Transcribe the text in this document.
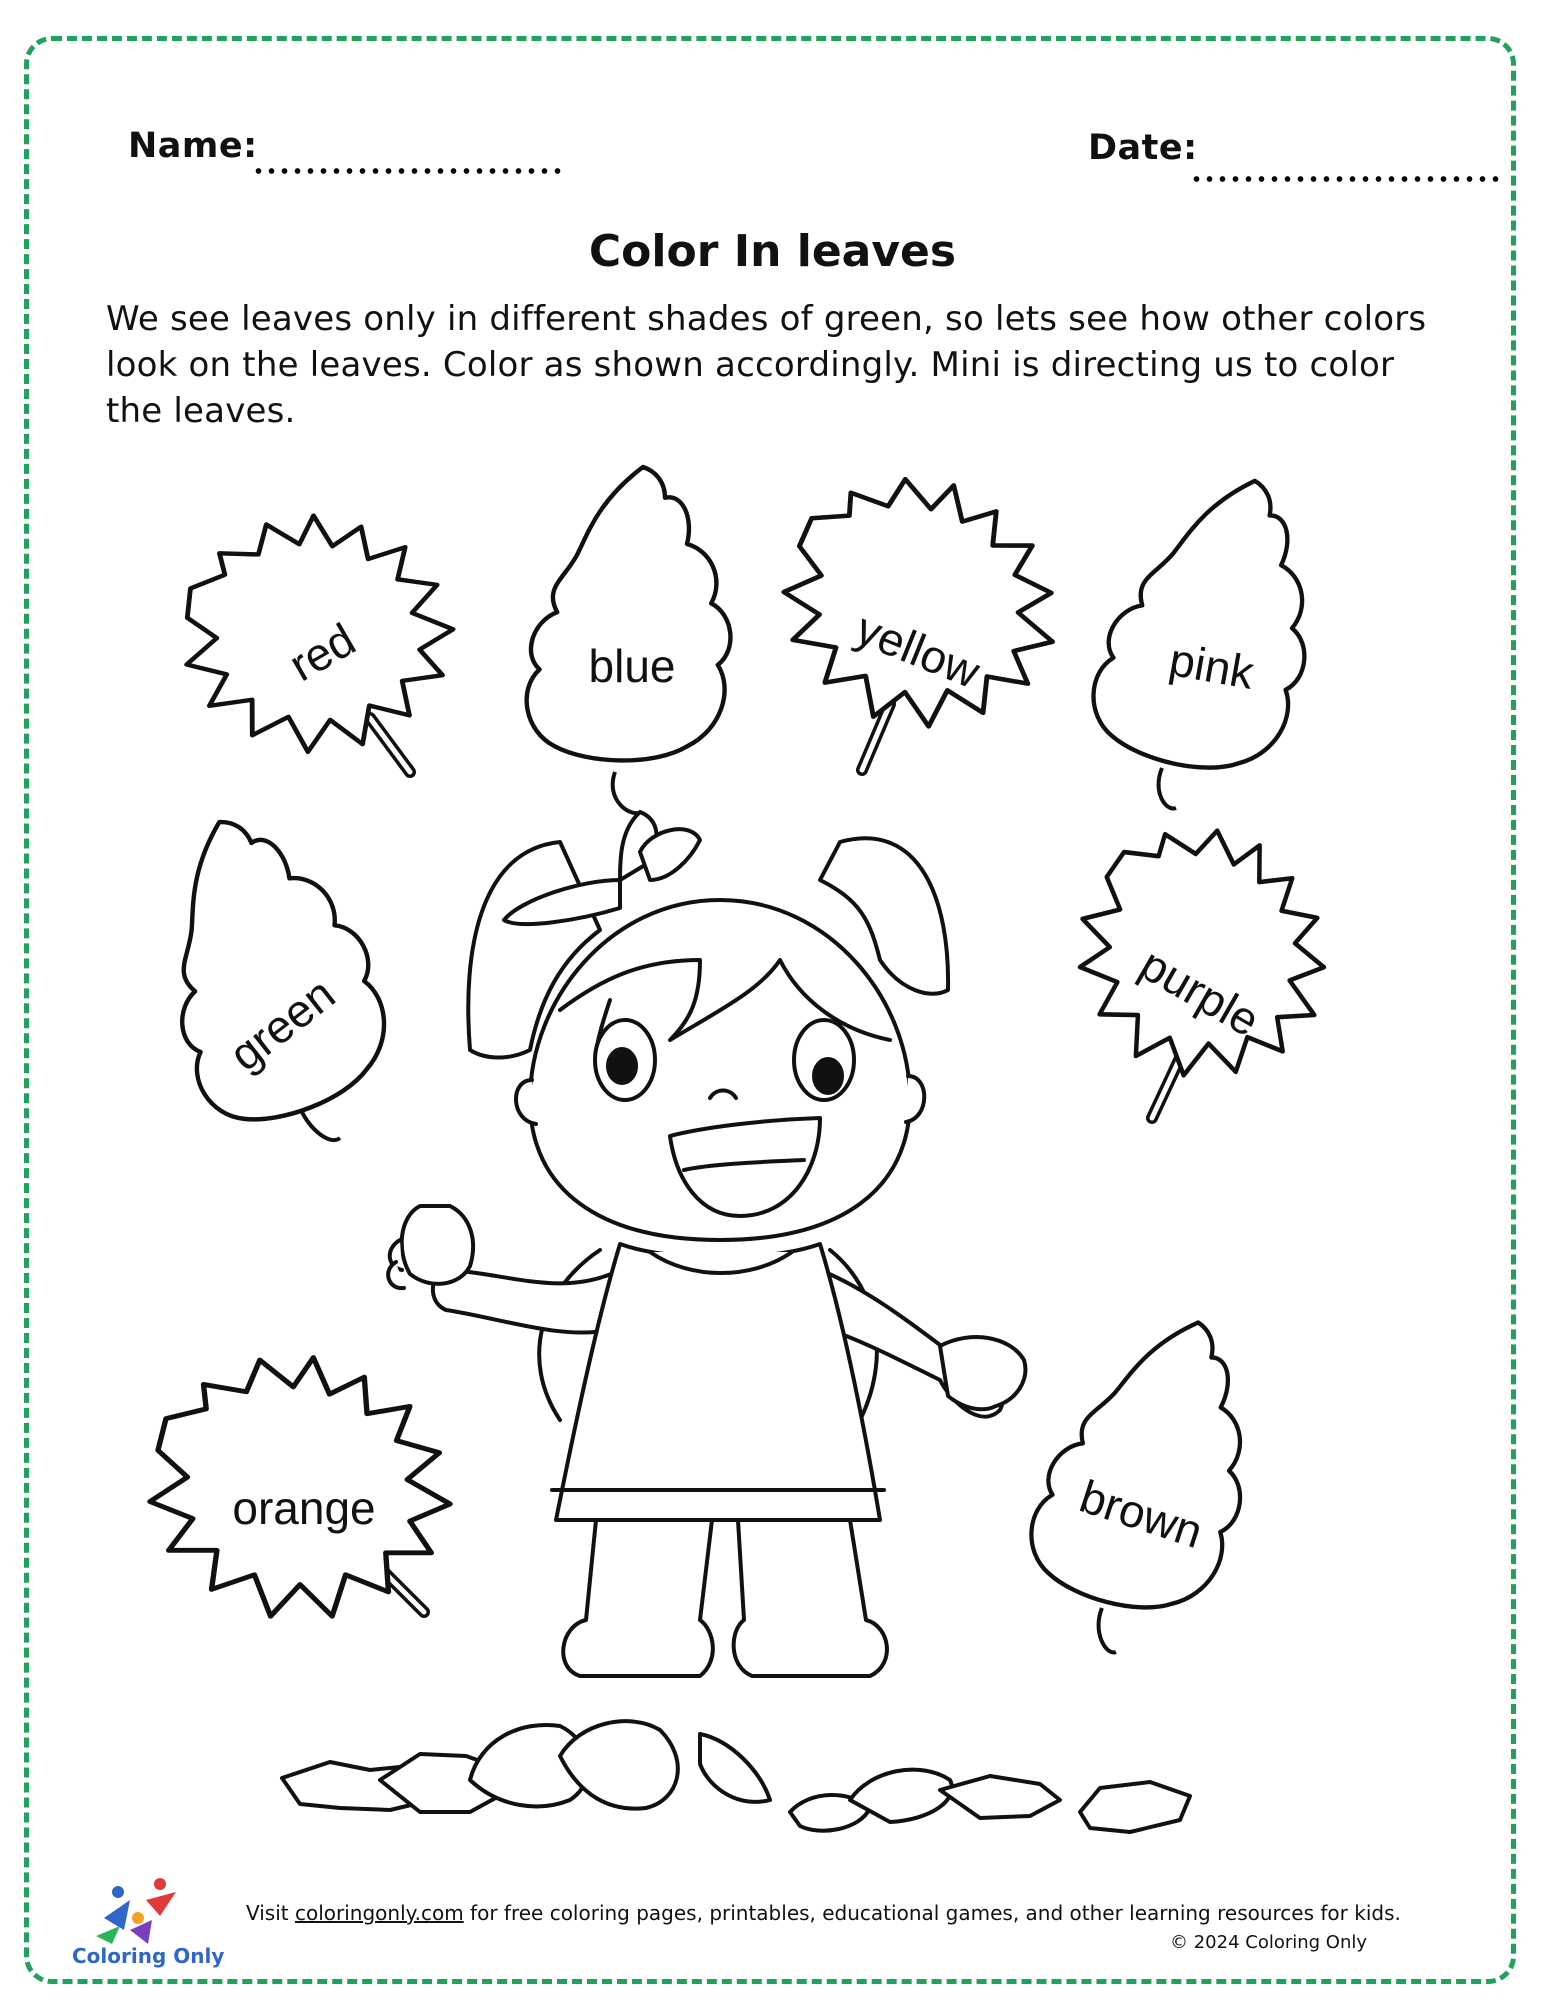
Name:	Date:
Color In leaves
We see leaves only in different shades of green, so lets see how other colors look on the leaves. Color as shown accordingly. Mini is directing us to color the leaves.
red	blue	yellow	pink
green	purple
orange	brown
Coloring Only
Visit coloringonly.com for free coloring pages, printables, educational games, and other learning resources for kids.
© 2024 Coloring Only
